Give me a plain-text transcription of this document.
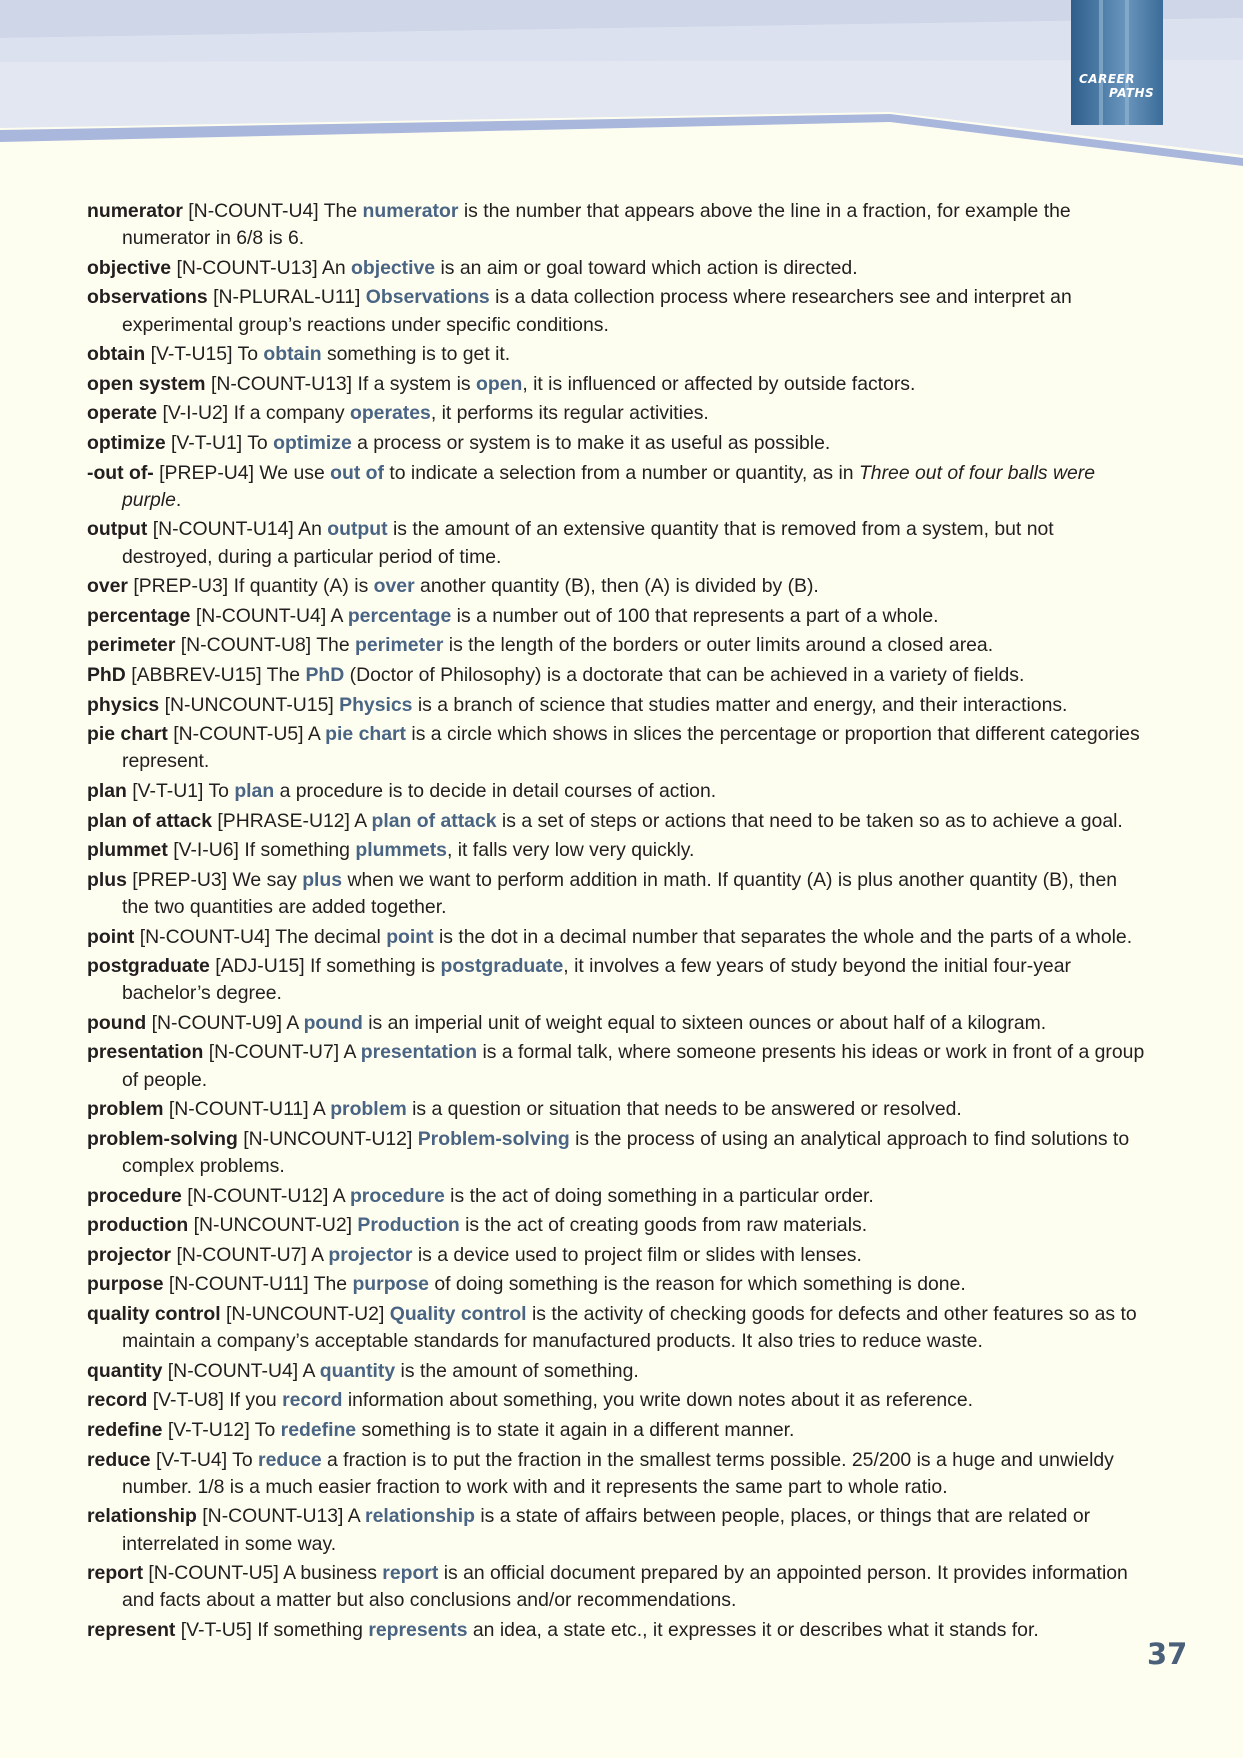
CAREER
PATHS
numerator [N-COUNT-U4] The numerator is the number that appears above the line in a fraction, for example the numerator in 6/8 is 6.
objective [N-COUNT-U13] An objective is an aim or goal toward which action is directed.
observations [N-PLURAL-U11] Observations is a data collection process where researchers see and interpret an experimental group’s reactions under specific conditions.
obtain [V-T-U15] To obtain something is to get it.
open system [N-COUNT-U13] If a system is open, it is influenced or affected by outside factors.
operate [V-I-U2] If a company operates, it performs its regular activities.
optimize [V-T-U1] To optimize a process or system is to make it as useful as possible.
-out of- [PREP-U4] We use out of to indicate a selection from a number or quantity, as in Three out of four balls were purple.
output [N-COUNT-U14] An output is the amount of an extensive quantity that is removed from a system, but not destroyed, during a particular period of time.
over [PREP-U3] If quantity (A) is over another quantity (B), then (A) is divided by (B).
percentage [N-COUNT-U4] A percentage is a number out of 100 that represents a part of a whole.
perimeter [N-COUNT-U8] The perimeter is the length of the borders or outer limits around a closed area.
PhD [ABBREV-U15] The PhD (Doctor of Philosophy) is a doctorate that can be achieved in a variety of fields.
physics [N-UNCOUNT-U15] Physics is a branch of science that studies matter and energy, and their interactions.
pie chart [N-COUNT-U5] A pie chart is a circle which shows in slices the percentage or proportion that different categories represent.
plan [V-T-U1] To plan a procedure is to decide in detail courses of action.
plan of attack [PHRASE-U12] A plan of attack is a set of steps or actions that need to be taken so as to achieve a goal.
plummet [V-I-U6] If something plummets, it falls very low very quickly.
plus [PREP-U3] We say plus when we want to perform addition in math. If quantity (A) is plus another quantity (B), then the two quantities are added together.
point [N-COUNT-U4] The decimal point is the dot in a decimal number that separates the whole and the parts of a whole.
postgraduate [ADJ-U15] If something is postgraduate, it involves a few years of study beyond the initial four-year bachelor’s degree.
pound [N-COUNT-U9] A pound is an imperial unit of weight equal to sixteen ounces or about half of a kilogram.
presentation [N-COUNT-U7] A presentation is a formal talk, where someone presents his ideas or work in front of a group of people.
problem [N-COUNT-U11] A problem is a question or situation that needs to be answered or resolved.
problem-solving [N-UNCOUNT-U12] Problem-solving is the process of using an analytical approach to find solutions to complex problems.
procedure [N-COUNT-U12] A procedure is the act of doing something in a particular order.
production [N-UNCOUNT-U2] Production is the act of creating goods from raw materials.
projector [N-COUNT-U7] A projector is a device used to project film or slides with lenses.
purpose [N-COUNT-U11] The purpose of doing something is the reason for which something is done.
quality control [N-UNCOUNT-U2] Quality control is the activity of checking goods for defects and other features so as to maintain a company’s acceptable standards for manufactured products. It also tries to reduce waste.
quantity [N-COUNT-U4] A quantity is the amount of something.
record [V-T-U8] If you record information about something, you write down notes about it as reference.
redefine [V-T-U12] To redefine something is to state it again in a different manner.
reduce [V-T-U4] To reduce a fraction is to put the fraction in the smallest terms possible. 25/200 is a huge and unwieldy number. 1/8 is a much easier fraction to work with and it represents the same part to whole ratio.
relationship [N-COUNT-U13] A relationship is a state of affairs between people, places, or things that are related or interrelated in some way.
report [N-COUNT-U5] A business report is an official document prepared by an appointed person. It provides information and facts about a matter but also conclusions and/or recommendations.
represent [V-T-U5] If something represents an idea, a state etc., it expresses it or describes what it stands for.
37
